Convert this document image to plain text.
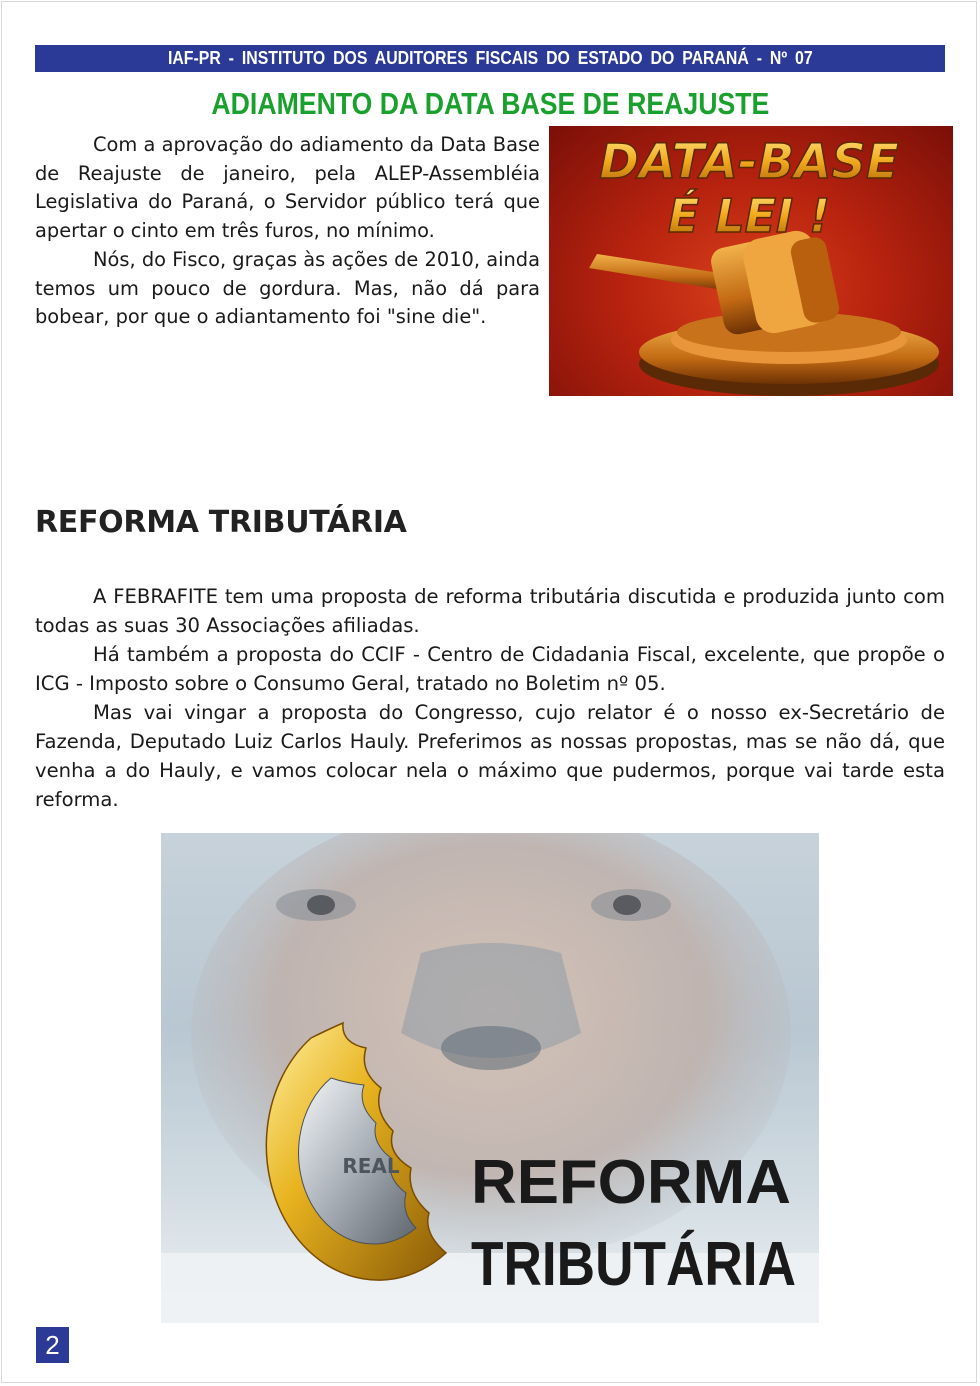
IAF-PR - INSTITUTO DOS AUDITORES FISCAIS DO ESTADO DO PARANÁ - Nº 07
ADIAMENTO DA DATA BASE DE REAJUSTE

Com a aprovação do adiamento da Data Base de Reajuste de janeiro, pela ALEP-Assembléia Legislativa do Paraná, o Servidor público terá que apertar o cinto em três furos, no mínimo.

Nós, do Fisco, graças às ações de 2010, ainda temos um pouco de gordura. Mas, não dá para bobear, por que o adiantamento foi "sine die".

DATA-BASE
É LEI !
REFORMA TRIBUTÁRIA

A FEBRAFITE tem uma proposta de reforma tributária discutida e produzida junto com todas as suas 30 Associações afiliadas.

Há também a proposta do CCIF - Centro de Cidadania Fiscal, excelente, que propõe o ICG - Imposto sobre o Consumo Geral, tratado no Boletim nº 05.

Mas vai vingar a proposta do Congresso, cujo relator é o nosso ex-Secretário de Fazenda, Deputado Luiz Carlos Hauly. Preferimos as nossas propostas, mas se não dá, que venha a do Hauly, e vamos colocar nela o máximo que pudermos, porque vai tarde esta reforma.

REAL REFORMA
TRIBUTÁRIA
2
